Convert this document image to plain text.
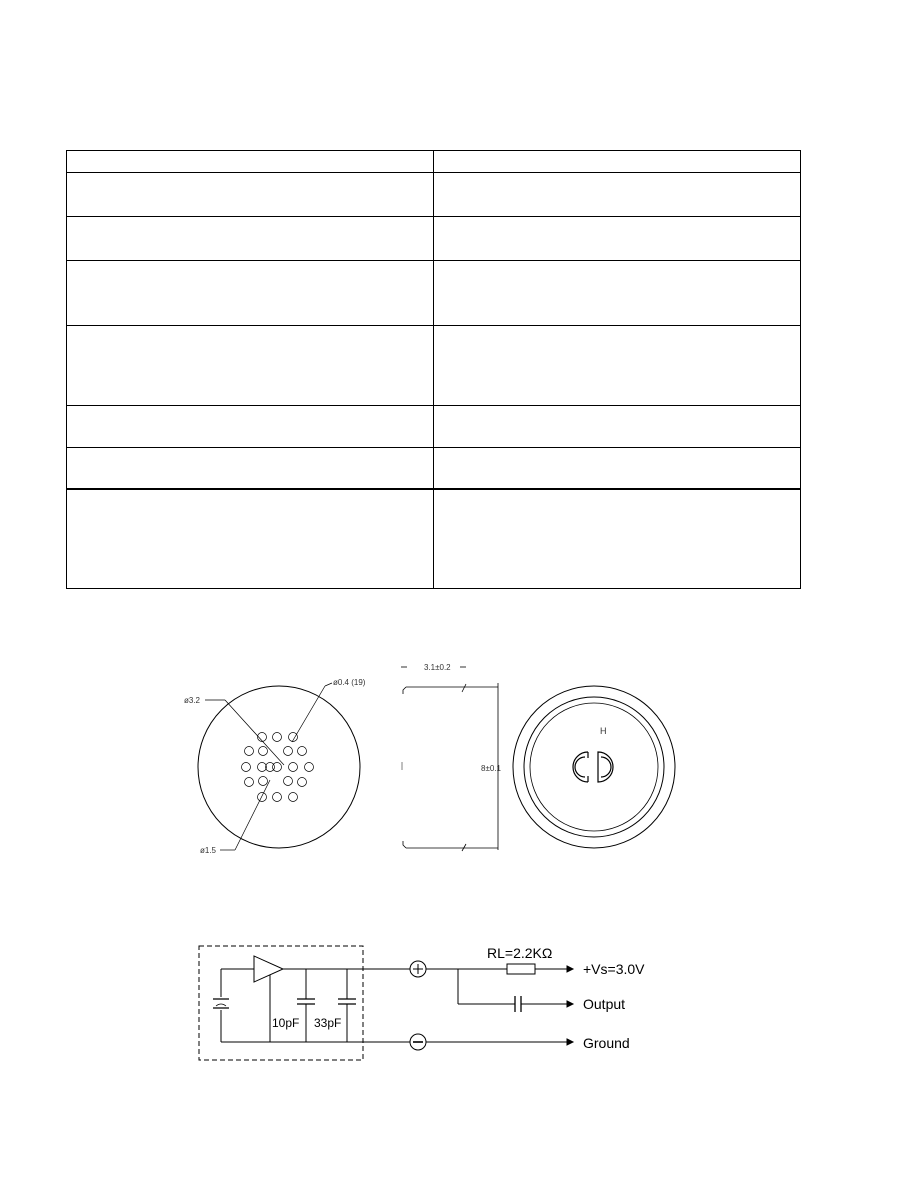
ø3.2
ø0.4 (19)
ø1.5
3.1±0.2
8±0.1
H
RL=2.2KΩ
+Vs=3.0V
Output
Ground
10pF 33pF
